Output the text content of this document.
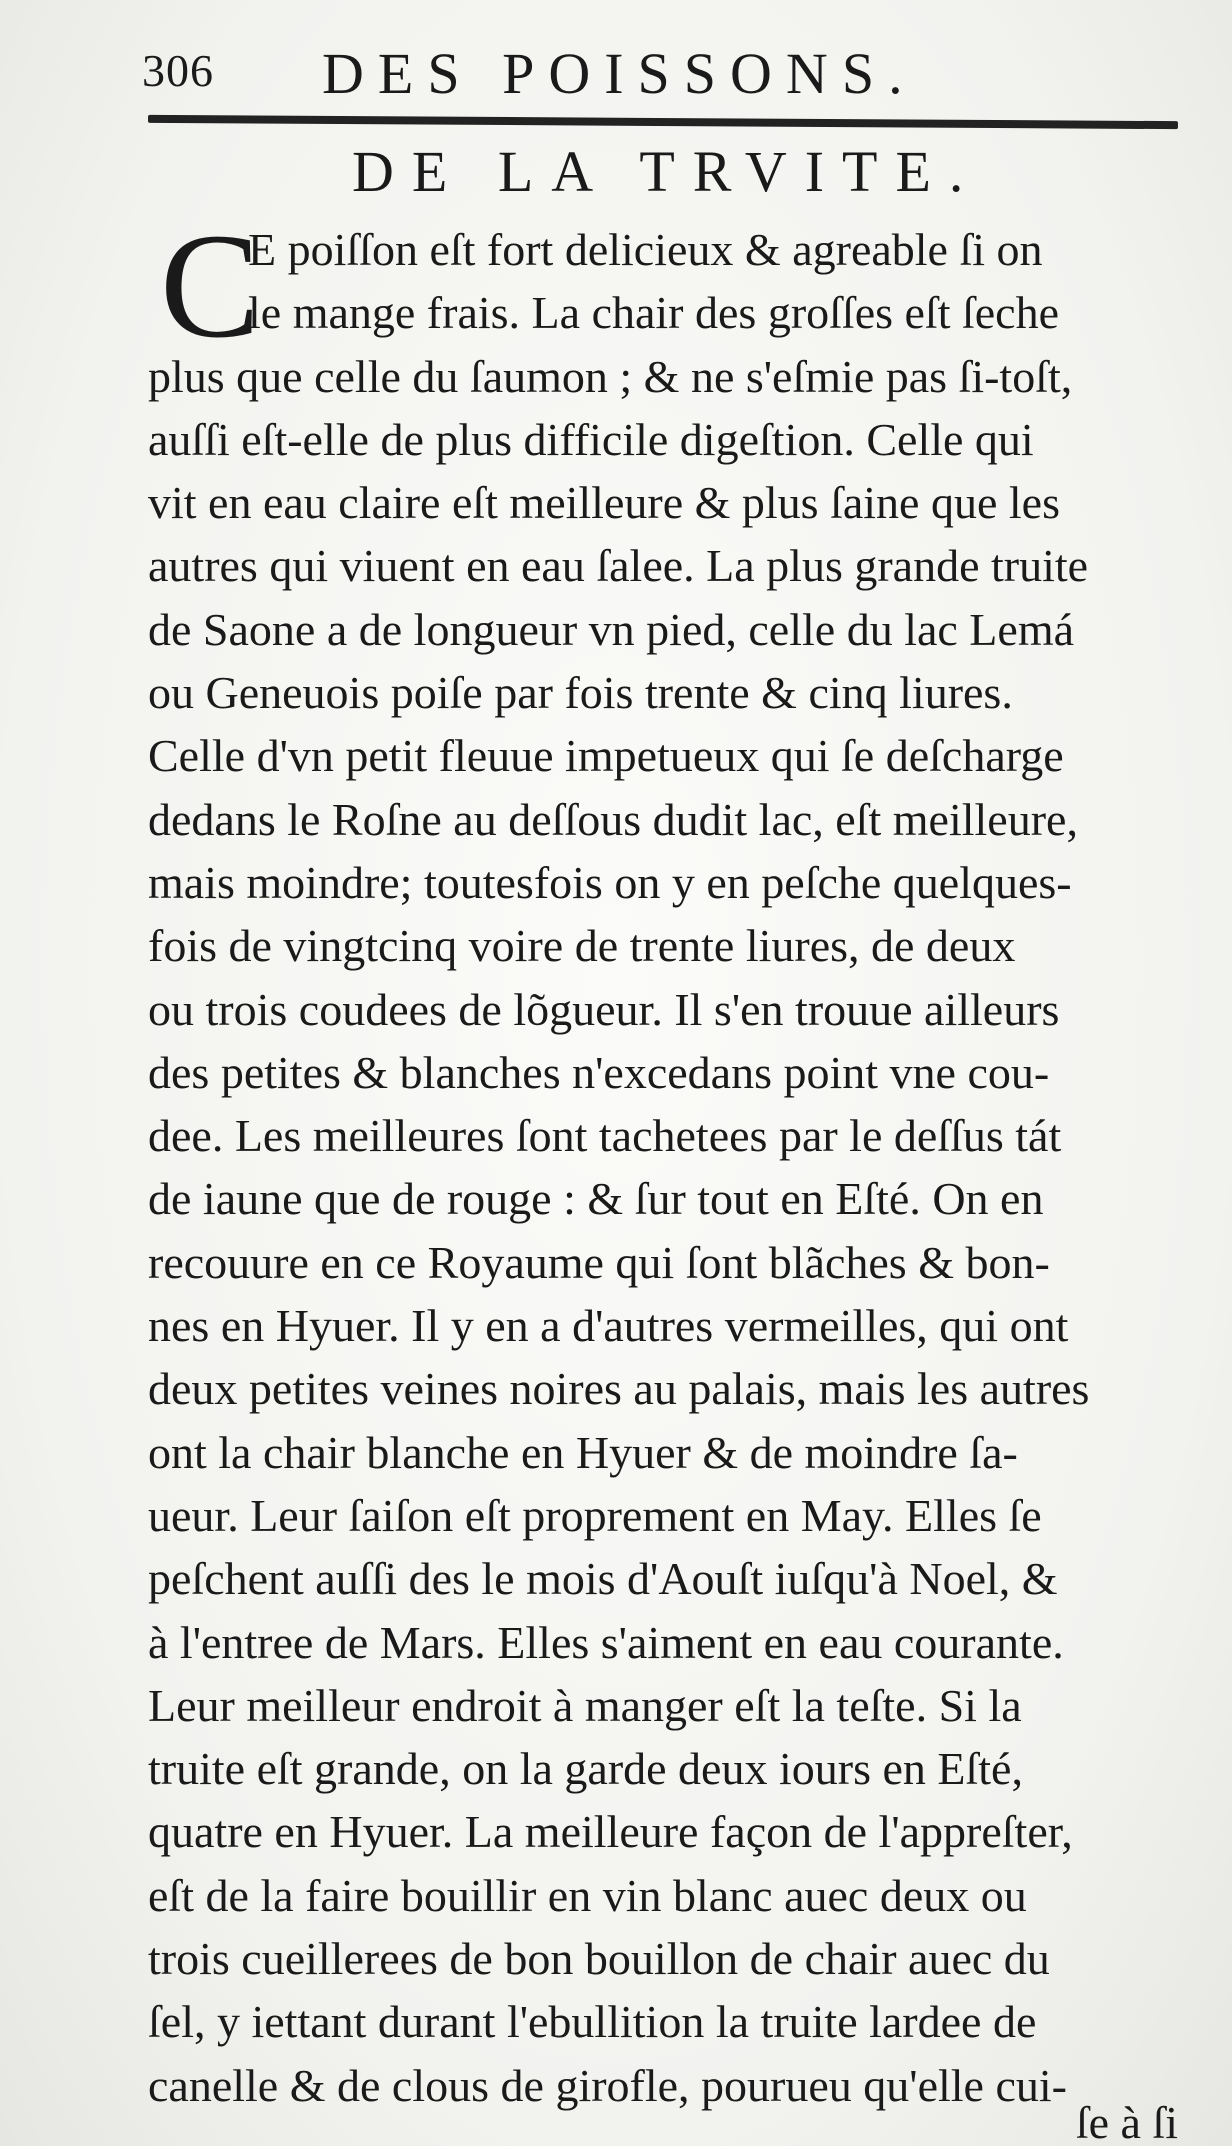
306 DES POISSONS.
DE LA TRVITE.
C
E poiſſon eſt fort delicieux & agreable ſi on
le mange frais. La chair des groſſes eſt ſeche
plus que celle du ſaumon ; & ne s'eſmie pas ſi-toſt,
auſſi eſt-elle de plus difficile digeſtion. Celle qui
vit en eau claire eſt meilleure & plus ſaine que les
autres qui viuent en eau ſalee. La plus grande truite
de Saone a de longueur vn pied, celle du lac Lemá
ou Geneuois poiſe par fois trente & cinq liures.
Celle d'vn petit fleuue impetueux qui ſe deſcharge
dedans le Roſne au deſſous dudit lac, eſt meilleure,
mais moindre; toutesfois on y en peſche quelques-
fois de vingtcinq voire de trente liures, de deux
ou trois coudees de lõgueur. Il s'en trouue ailleurs
des petites & blanches n'excedans point vne cou-
dee. Les meilleures ſont tachetees par le deſſus tát
de iaune que de rouge : & ſur tout en Eſté. On en
recouure en ce Royaume qui ſont blãches & bon-
nes en Hyuer. Il y en a d'autres vermeilles, qui ont
deux petites veines noires au palais, mais les autres
ont la chair blanche en Hyuer & de moindre ſa-
ueur. Leur ſaiſon eſt proprement en May. Elles ſe
peſchent auſſi des le mois d'Aouſt iuſqu'à Noel, &
à l'entree de Mars. Elles s'aiment en eau courante.
Leur meilleur endroit à manger eſt la teſte. Si la
truite eſt grande, on la garde deux iours en Eſté,
quatre en Hyuer. La meilleure façon de l'appreſter,
eſt de la faire bouillir en vin blanc auec deux ou
trois cueillerees de bon bouillon de chair auec du
ſel, y iettant durant l'ebullition la truite lardee de
canelle & de clous de girofle, pourueu qu'elle cui-
ſe à ſi
